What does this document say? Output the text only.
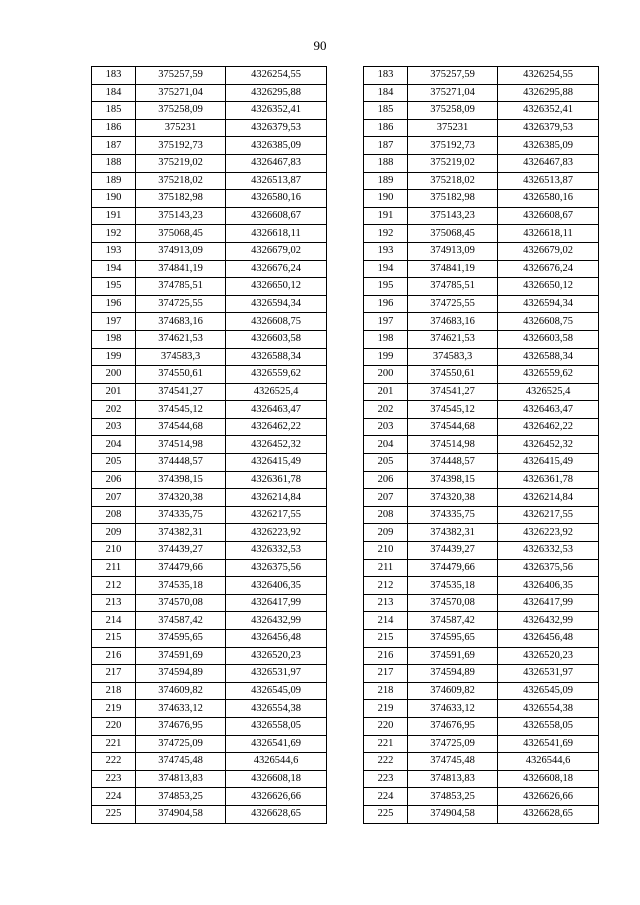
90
183	375257,59	4326254,55
184	375271,04	4326295,88
185	375258,09	4326352,41
186	375231	4326379,53
187	375192,73	4326385,09
188	375219,02	4326467,83
189	375218,02	4326513,87
190	375182,98	4326580,16
191	375143,23	4326608,67
192	375068,45	4326618,11
193	374913,09	4326679,02
194	374841,19	4326676,24
195	374785,51	4326650,12
196	374725,55	4326594,34
197	374683,16	4326608,75
198	374621,53	4326603,58
199	374583,3	4326588,34
200	374550,61	4326559,62
201	374541,27	4326525,4
202	374545,12	4326463,47
203	374544,68	4326462,22
204	374514,98	4326452,32
205	374448,57	4326415,49
206	374398,15	4326361,78
207	374320,38	4326214,84
208	374335,75	4326217,55
209	374382,31	4326223,92
210	374439,27	4326332,53
211	374479,66	4326375,56
212	374535,18	4326406,35
213	374570,08	4326417,99
214	374587,42	4326432,99
215	374595,65	4326456,48
216	374591,69	4326520,23
217	374594,89	4326531,97
218	374609,82	4326545,09
219	374633,12	4326554,38
220	374676,95	4326558,05
221	374725,09	4326541,69
222	374745,48	4326544,6
223	374813,83	4326608,18
224	374853,25	4326626,66
225	374904,58	4326628,65
183	375257,59	4326254,55
184	375271,04	4326295,88
185	375258,09	4326352,41
186	375231	4326379,53
187	375192,73	4326385,09
188	375219,02	4326467,83
189	375218,02	4326513,87
190	375182,98	4326580,16
191	375143,23	4326608,67
192	375068,45	4326618,11
193	374913,09	4326679,02
194	374841,19	4326676,24
195	374785,51	4326650,12
196	374725,55	4326594,34
197	374683,16	4326608,75
198	374621,53	4326603,58
199	374583,3	4326588,34
200	374550,61	4326559,62
201	374541,27	4326525,4
202	374545,12	4326463,47
203	374544,68	4326462,22
204	374514,98	4326452,32
205	374448,57	4326415,49
206	374398,15	4326361,78
207	374320,38	4326214,84
208	374335,75	4326217,55
209	374382,31	4326223,92
210	374439,27	4326332,53
211	374479,66	4326375,56
212	374535,18	4326406,35
213	374570,08	4326417,99
214	374587,42	4326432,99
215	374595,65	4326456,48
216	374591,69	4326520,23
217	374594,89	4326531,97
218	374609,82	4326545,09
219	374633,12	4326554,38
220	374676,95	4326558,05
221	374725,09	4326541,69
222	374745,48	4326544,6
223	374813,83	4326608,18
224	374853,25	4326626,66
225	374904,58	4326628,65
